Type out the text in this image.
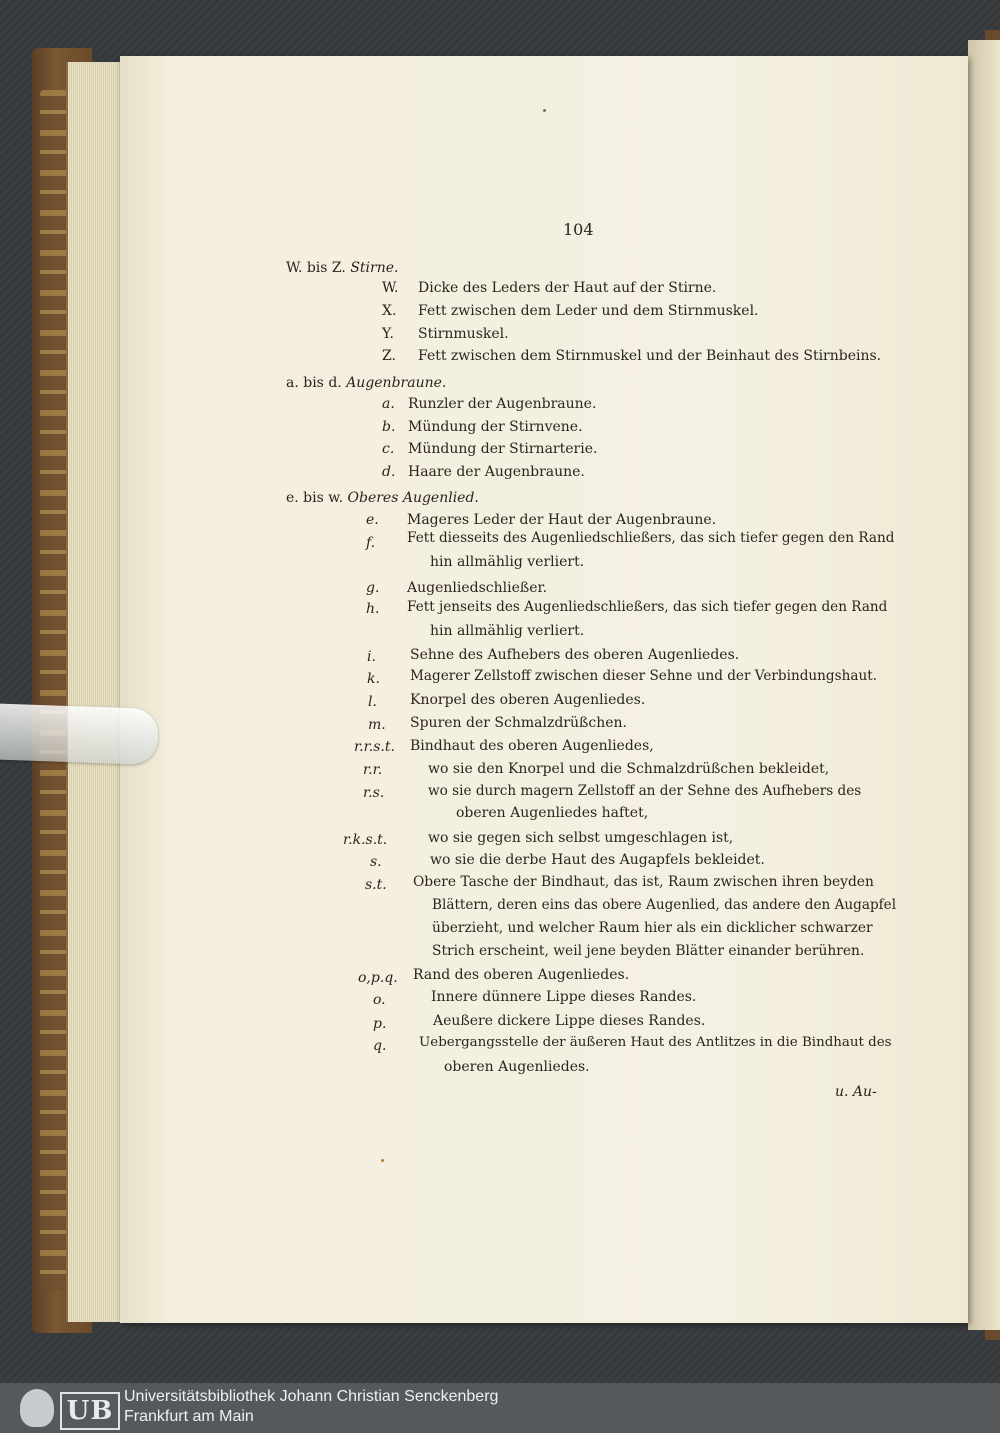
104
W. bis Z. Stirne.
W. Dicke des Leders der Haut auf der Stirne.
X. Fett zwischen dem Leder und dem Stirnmuskel.
Y. Stirnmuskel.
Z. Fett zwischen dem Stirnmuskel und der Beinhaut des Stirnbeins.
a. bis d. Augenbraune.
a. Runzler der Augenbraune.
b. Mündung der Stirnvene.
c. Mündung der Stirnarterie.
d. Haare der Augenbraune.
e. bis w. Oberes Augenlied.
e. Mageres Leder der Haut der Augenbraune.
f. Fett diesseits des Augenliedschließers, das sich tiefer gegen den Rand
hin allmählig verliert.
g. Augenliedschließer.
h. Fett jenseits des Augenliedschließers, das sich tiefer gegen den Rand
hin allmählig verliert.
i. Sehne des Aufhebers des oberen Augenliedes.
k. Magerer Zellstoff zwischen dieser Sehne und der Verbindungshaut.
l. Knorpel des oberen Augenliedes.
m. Spuren der Schmalzdrüßchen.
r.r.s.t. Bindhaut des oberen Augenliedes,
r.r.	wo sie den Knorpel und die Schmalzdrüßchen bekleidet,
r.s.	wo sie durch magern Zellstoff an der Sehne des Aufhebers des
oberen Augenliedes haftet,
r.k.s.t.	wo sie gegen sich selbst umgeschlagen ist,
s.	wo sie die derbe Haut des Augapfels bekleidet.
s.t. Obere Tasche der Bindhaut, das ist, Raum zwischen ihren beyden
Blättern, deren eins das obere Augenlied, das andere den Augapfel
überzieht, und welcher Raum hier als ein dicklicher schwarzer
Strich erscheint, weil jene beyden Blätter einander berühren.
o,p.q. Rand des oberen Augenliedes.
o.	Innere dünnere Lippe dieses Randes.
p.	Aeußere dickere Lippe dieses Randes.
q. Uebergangsstelle der äußeren Haut des Antlitzes in die Bindhaut des
oberen Augenliedes.
u. Au-
UB Universitätsbibliothek Johann Christian Senckenberg
Frankfurt am Main
